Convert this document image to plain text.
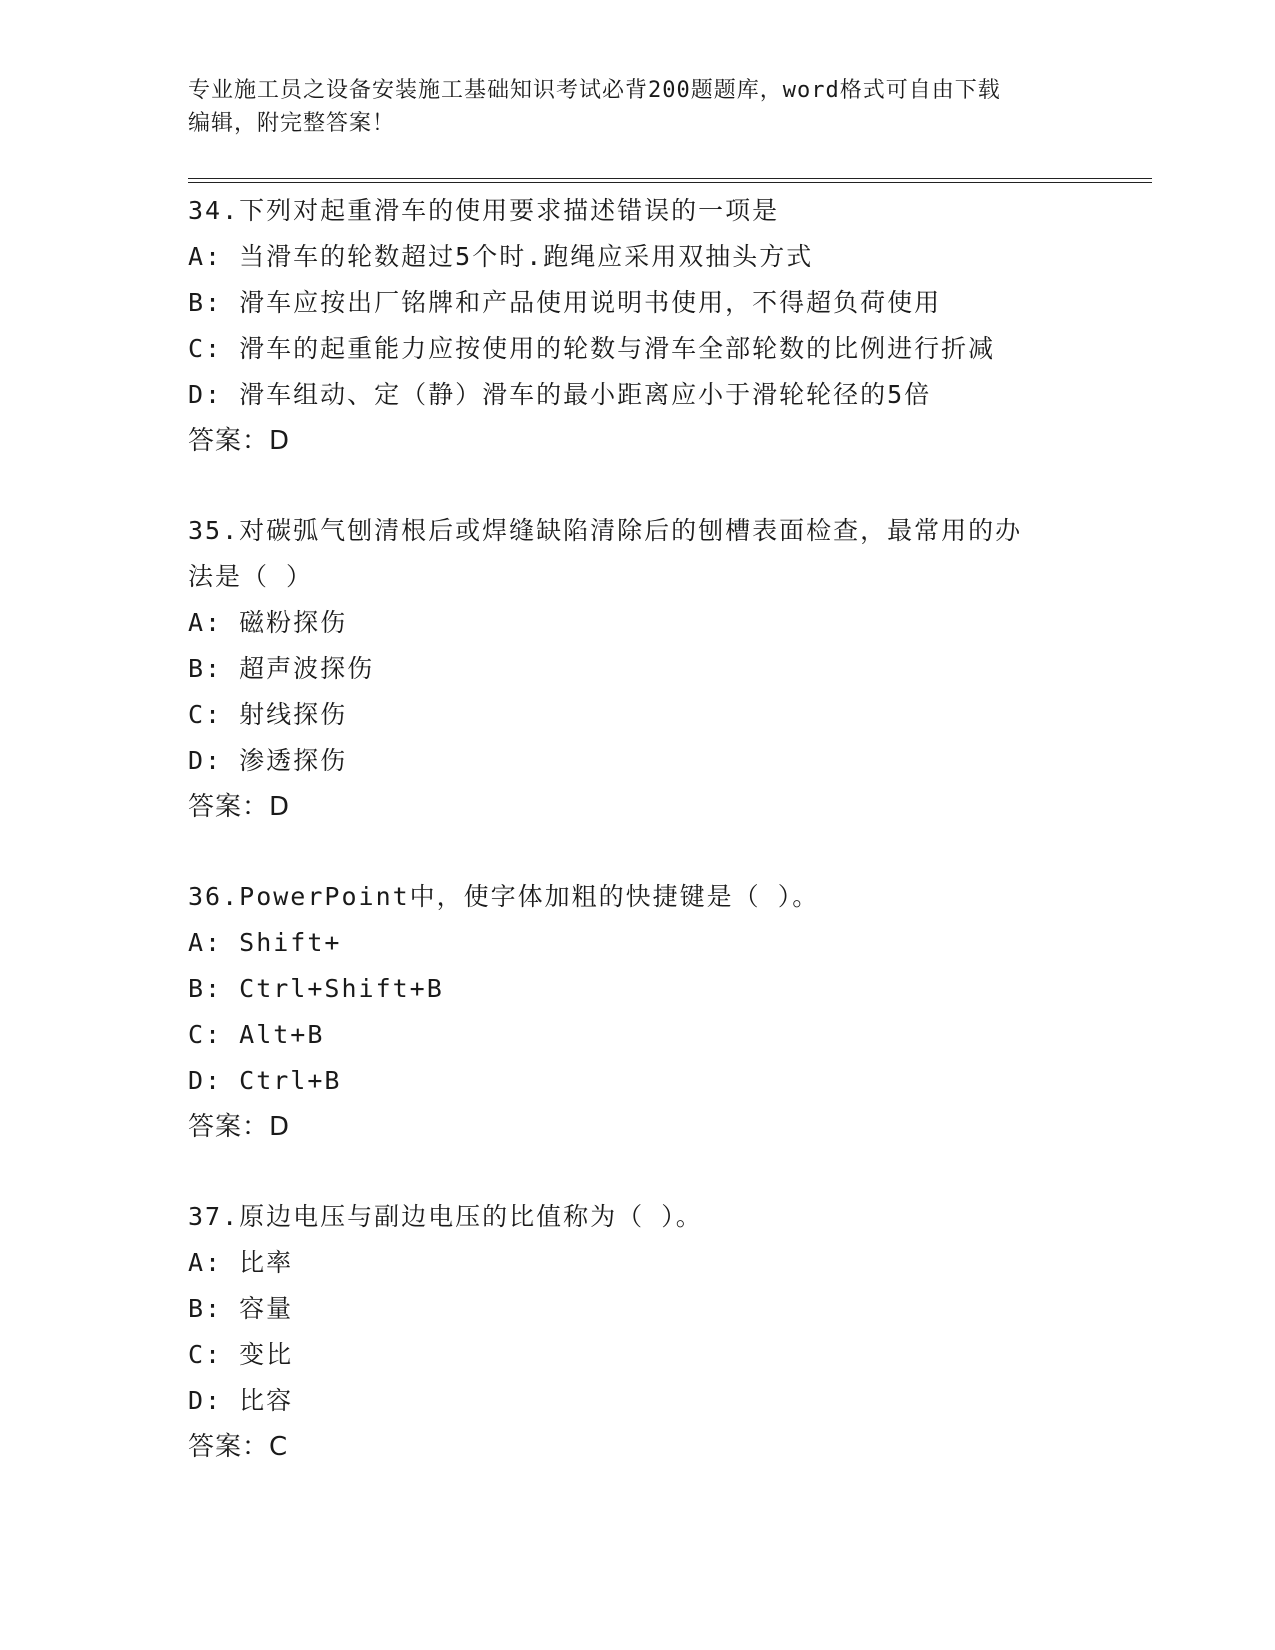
专业施工员之设备安装施工基础知识考试必背200题题库，word格式可自由下载
编辑，附完整答案！
34.下列对起重滑车的使用要求描述错误的一项是
A: 当滑车的轮数超过5个时.跑绳应采用双抽头方式
B: 滑车应按出厂铭牌和产品使用说明书使用，不得超负荷使用
C: 滑车的起重能力应按使用的轮数与滑车全部轮数的比例进行折减
D: 滑车组动、定（静）滑车的最小距离应小于滑轮轮径的5倍
答案：D
35.对碳弧气刨清根后或焊缝缺陷清除后的刨槽表面检查，最常用的办法是（ ）
A: 磁粉探伤
B: 超声波探伤
C: 射线探伤
D: 渗透探伤
答案：D
36.PowerPoint中，使字体加粗的快捷键是（ ）。
A: Shift+
B: Ctrl+Shift+B
C: Alt+B
D: Ctrl+B
答案：D
37.原边电压与副边电压的比值称为（ ）。
A: 比率
B: 容量
C: 变比
D: 比容
答案：C
